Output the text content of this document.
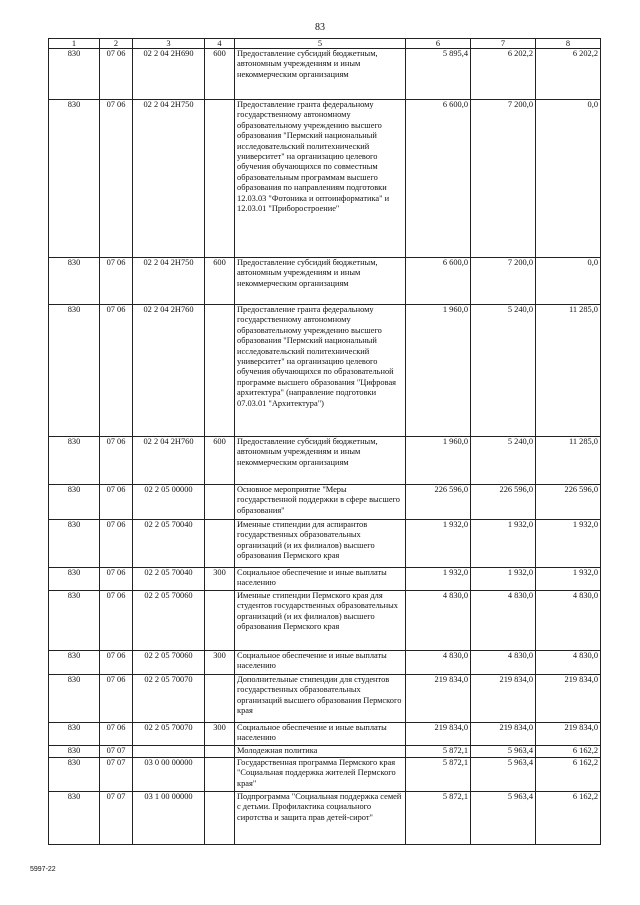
83
1	2	3	4	5	6	7	8
830	07 06	02 2 04 2Н690	600	Предоставление субсидий бюджетным, автономным учреждениям и иным некоммерческим организациям	5 895,4	6 202,2	6 202,2
830	07 06	02 2 04 2Н750		Предоставление гранта федеральному государственному автономному образовательному учреждению высшего образования "Пермский национальный исследовательский политехнический университет" на организацию целевого обучения обучающихся по совместным образовательным программам высшего образования по направлениям подготовки 12.03.03 "Фотоника и оптоинформатика" и 12.03.01 "Приборостроение"	6 600,0	7 200,0	0,0
830	07 06	02 2 04 2Н750	600	Предоставление субсидий бюджетным, автономным учреждениям и иным некоммерческим организациям	6 600,0	7 200,0	0,0
830	07 06	02 2 04 2Н760		Предоставление гранта федеральному государственному автономному образовательному учреждению высшего образования "Пермский национальный исследовательский политехнический университет" на организацию целевого обучения обучающихся по образовательной программе высшего образования "Цифровая архитектура" (направление подготовки 07.03.01 "Архитектура")	1 960,0	5 240,0	11 285,0
830	07 06	02 2 04 2Н760	600	Предоставление субсидий бюджетным, автономным учреждениям и иным некоммерческим организациям	1 960,0	5 240,0	11 285,0
830	07 06	02 2 05 00000		Основное мероприятие "Меры государственной поддержки в сфере высшего образования"	226 596,0	226 596,0	226 596,0
830	07 06	02 2 05 70040		Именные стипендии для аспирантов государственных образовательных организаций (и их филиалов) высшего образования Пермского края	1 932,0	1 932,0	1 932,0
830	07 06	02 2 05 70040	300	Социальное обеспечение и иные выплаты населению	1 932,0	1 932,0	1 932,0
830	07 06	02 2 05 70060		Именные стипендии Пермского края для студентов государственных образовательных организаций (и их филиалов) высшего образования Пермского края	4 830,0	4 830,0	4 830,0
830	07 06	02 2 05 70060	300	Социальное обеспечение и иные выплаты населению	4 830,0	4 830,0	4 830,0
830	07 06	02 2 05 70070		Дополнительные стипендии для студентов государственных образовательных организаций высшего образования Пермского края	219 834,0	219 834,0	219 834,0
830	07 06	02 2 05 70070	300	Социальное обеспечение и иные выплаты населению	219 834,0	219 834,0	219 834,0
830	07 07			Молодежная политика	5 872,1	5 963,4	6 162,2
830	07 07	03 0 00 00000		Государственная программа Пермского края "Социальная поддержка жителей Пермского края"	5 872,1	5 963,4	6 162,2
830	07 07	03 1 00 00000		Подпрограмма "Социальная поддержка семей с детьми. Профилактика социального сиротства и защита прав детей-сирот"	5 872,1	5 963,4	6 162,2
5997-22
